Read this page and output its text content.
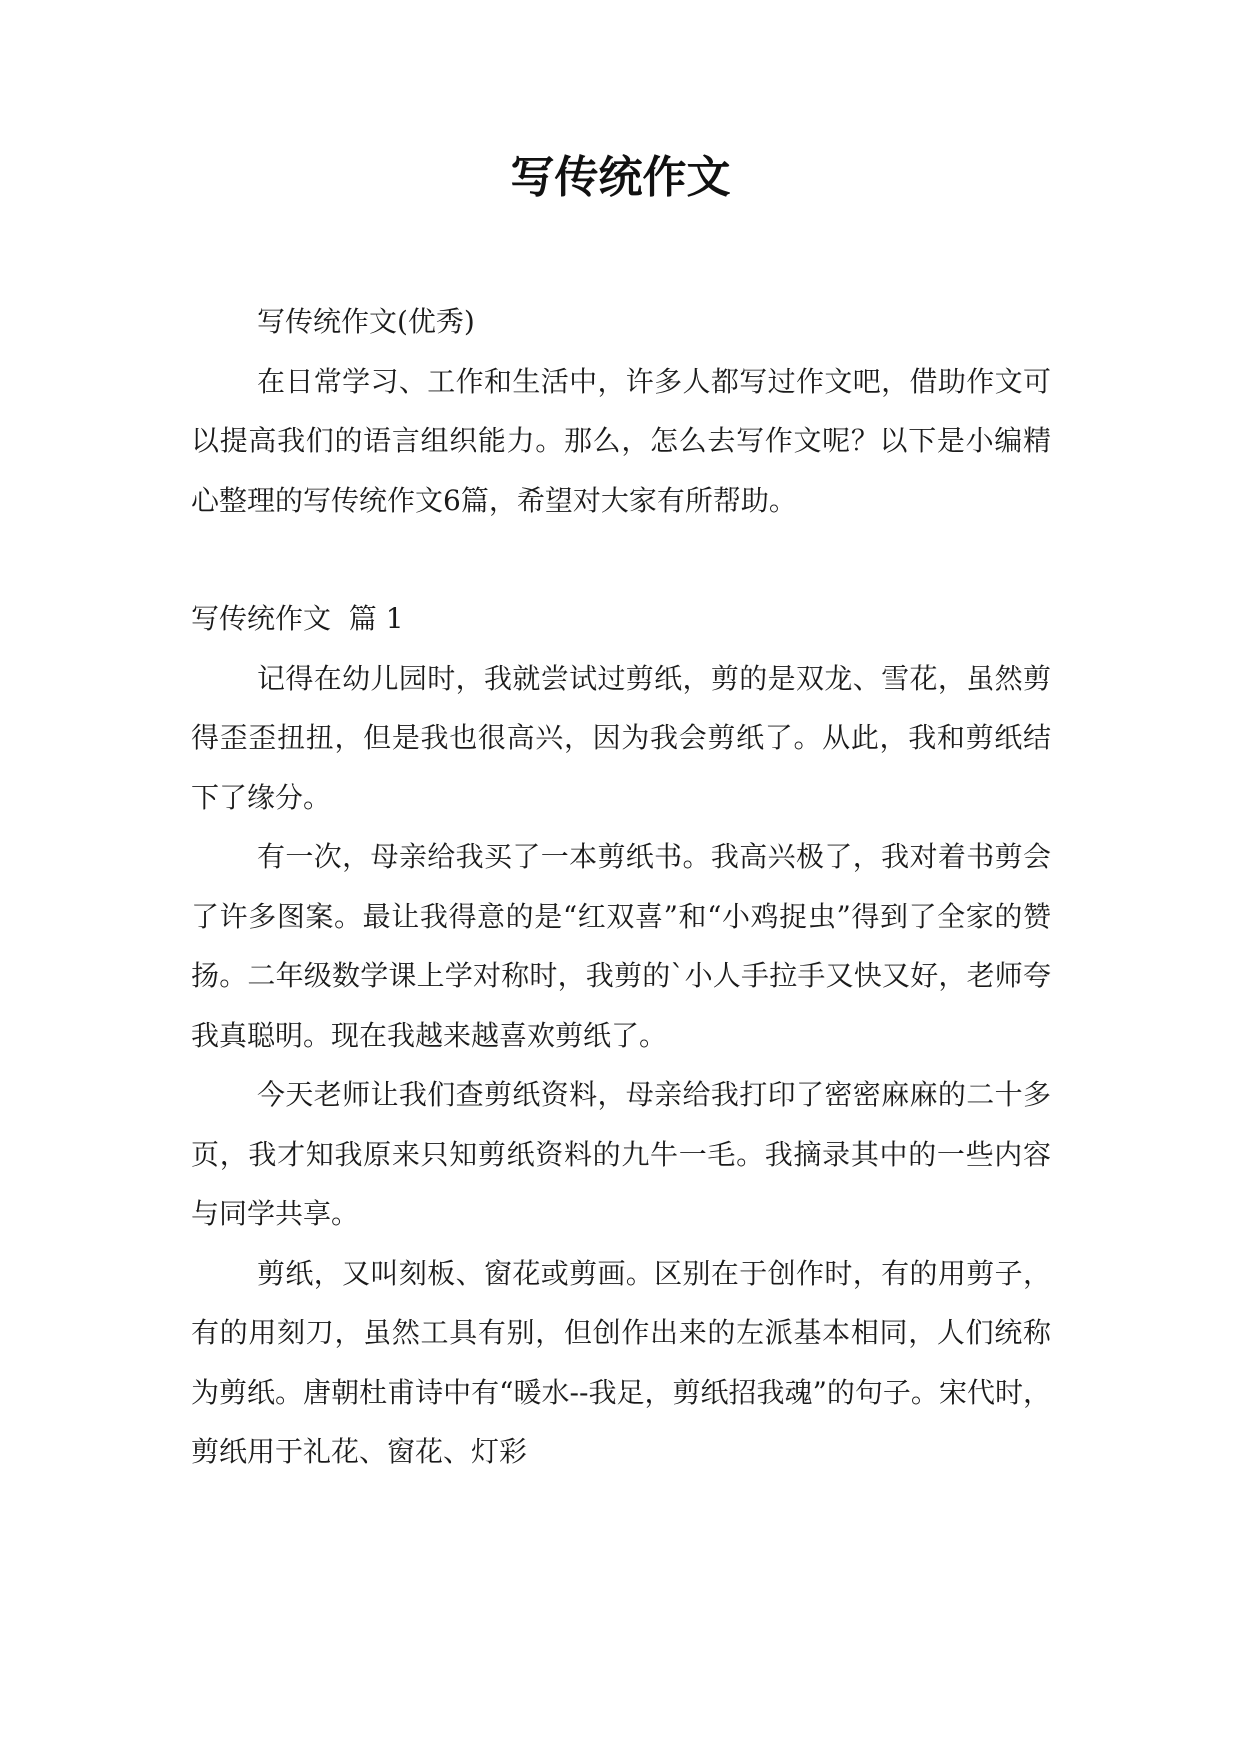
写传统作文

写传统作文(优秀)

在日常学习、工作和生活中，许多人都写过作文吧，借助作文可以提高我们的语言组织能力。那么，怎么去写作文呢？以下是小编精心整理的写传统作文6篇，希望对大家有所帮助。

写传统作文  篇 1

记得在幼儿园时，我就尝试过剪纸，剪的是双龙、雪花，虽然剪得歪歪扭扭，但是我也很高兴，因为我会剪纸了。从此，我和剪纸结下了缘分。

有一次，母亲给我买了一本剪纸书。我高兴极了，我对着书剪会了许多图案。最让我得意的是“红双喜”和“小鸡捉虫”得到了全家的赞扬。二年级数学课上学对称时，我剪的`小人手拉手又快又好，老师夸我真聪明。现在我越来越喜欢剪纸了。

今天老师让我们查剪纸资料，母亲给我打印了密密麻麻的二十多页，我才知我原来只知剪纸资料的九牛一毛。我摘录其中的一些内容与同学共享。

剪纸，又叫刻板、窗花或剪画。区别在于创作时，有的用剪子，有的用刻刀，虽然工具有别，但创作出来的左派基本相同，人们统称为剪纸。唐朝杜甫诗中有“暖水--我足，剪纸招我魂”的句子。宋代时，剪纸用于礼花、窗花、灯彩
